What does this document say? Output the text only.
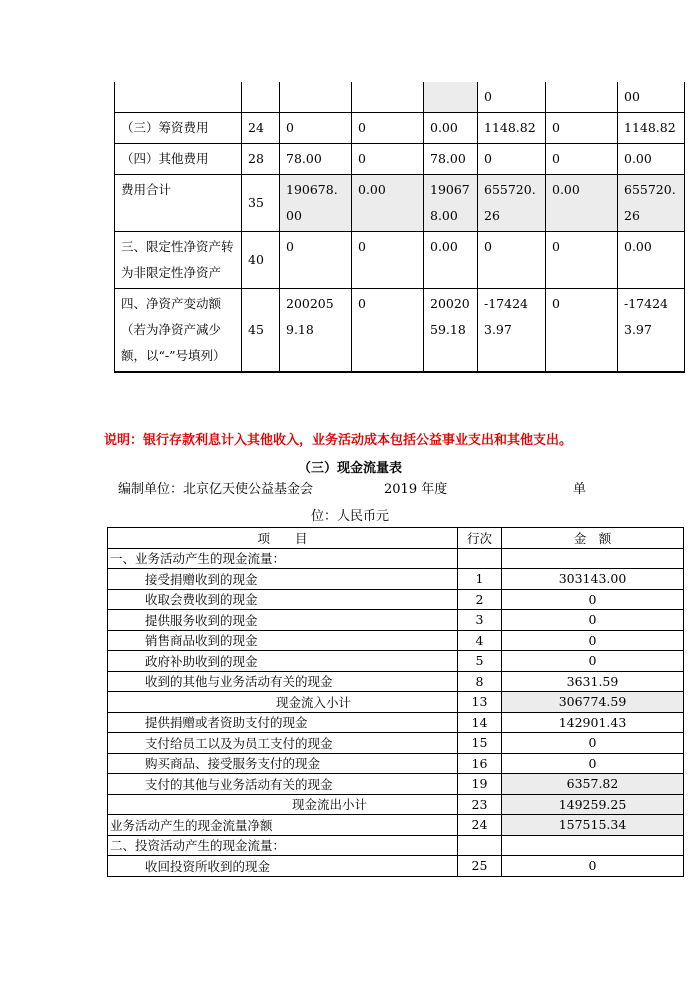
					0		00
（三）筹资费用	24	0	0	0.00	1148.82	0	1148.82
（四）其他费用	28	78.00	0	78.00	0	0	0.00
费用合计	35	190678.00	0.00	190678.00	655720.26	0.00	655720.26
三、限定性净资产转为非限定性净资产	40	0	0	0.00	0	0	0.00
四、净资产变动额（若为净资产减少额，以“-”号填列）	45	2002059.18	0	2002059.18	-174243.97	0	-174243.97
说明：银行存款利息计入其他收入，业务活动成本包括公益事业支出和其他支出。
（三）现金流量表
编制单位：北京亿天使公益基金会	2019 年度	单
位：人民币元
项　　目	行次	金　额
一、业务活动产生的现金流量：		
接受捐赠收到的现金	1	303143.00
收取会费收到的现金	2	0
提供服务收到的现金	3	0
销售商品收到的现金	4	0
政府补助收到的现金	5	0
收到的其他与业务活动有关的现金	8	3631.59
现金流入小计	13	306774.59
提供捐赠或者资助支付的现金	14	142901.43
支付给员工以及为员工支付的现金	15	0
购买商品、接受服务支付的现金	16	0
支付的其他与业务活动有关的现金	19	6357.82
现金流出小计	23	149259.25
业务活动产生的现金流量净额	24	157515.34
二、投资活动产生的现金流量：		
收回投资所收到的现金	25	0
